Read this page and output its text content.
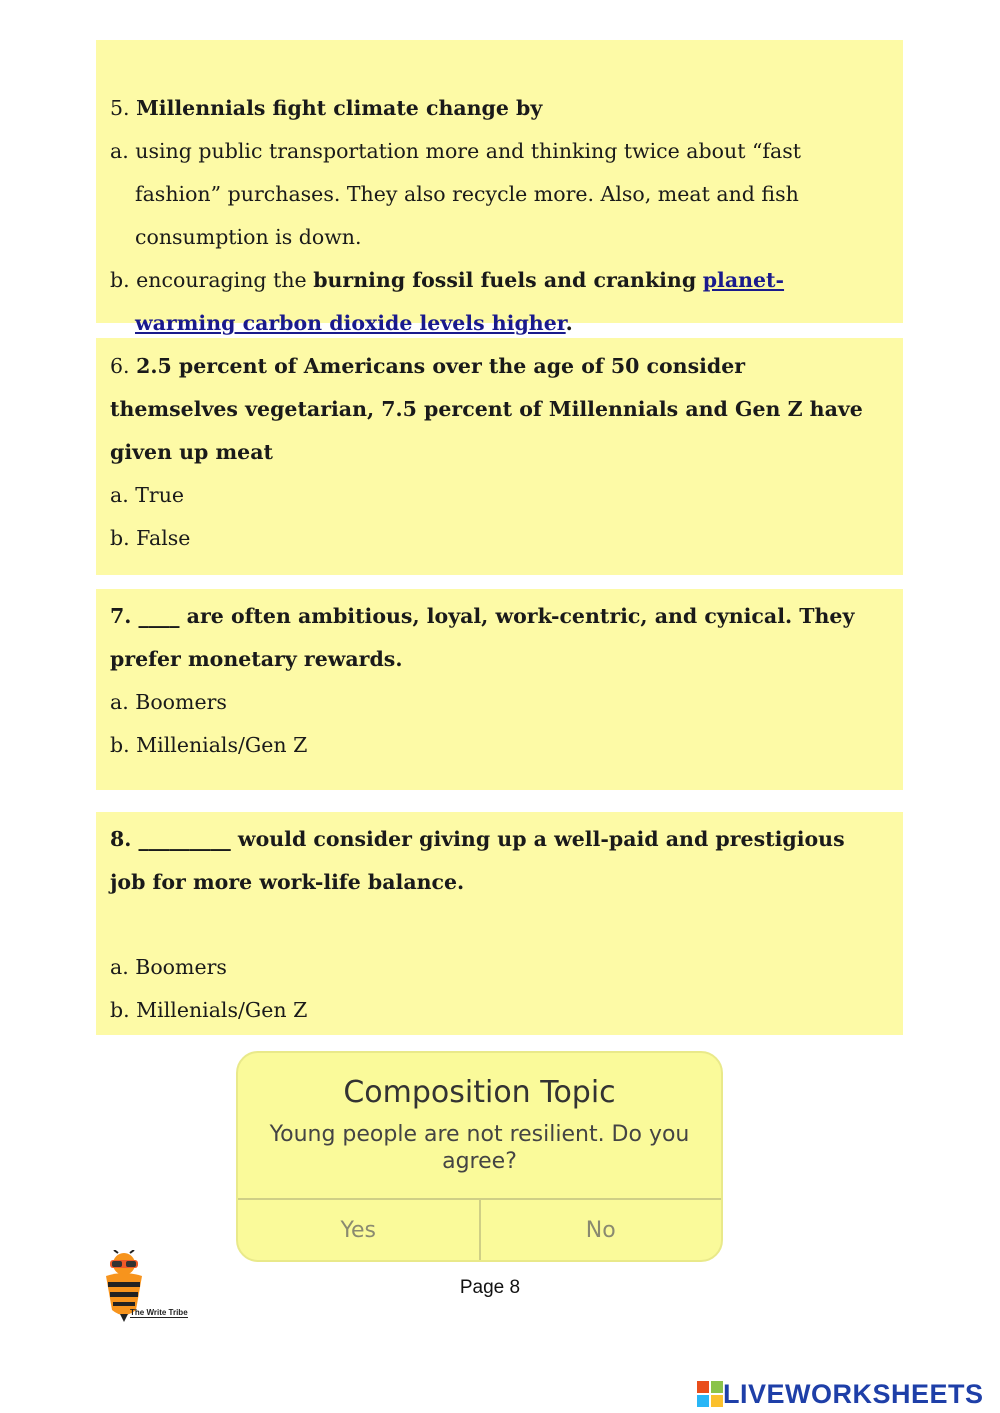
5. Millennials fight climate change by
a. using public transportation more and thinking twice about “fast
fashion” purchases. They also recycle more. Also, meat and fish
consumption is down.
b. encouraging the burning fossil fuels and cranking planet-
warming carbon dioxide levels higher.
6. 2.5 percent of Americans over the age of 50 consider
themselves vegetarian, 7.5 percent of Millennials and Gen Z have
given up meat
a. True
b. False
7. ____ are often ambitious, loyal, work-centric, and cynical. They
prefer monetary rewards.
a. Boomers
b. Millenials/Gen Z
8. _________ would consider giving up a well-paid and prestigious
job for more work-life balance.
a. Boomers
b. Millenials/Gen Z
Composition Topic
Young people are not resilient. Do you agree?
Yes	No
The Write Tribe
Page 8
LIVEWORKSHEETS
